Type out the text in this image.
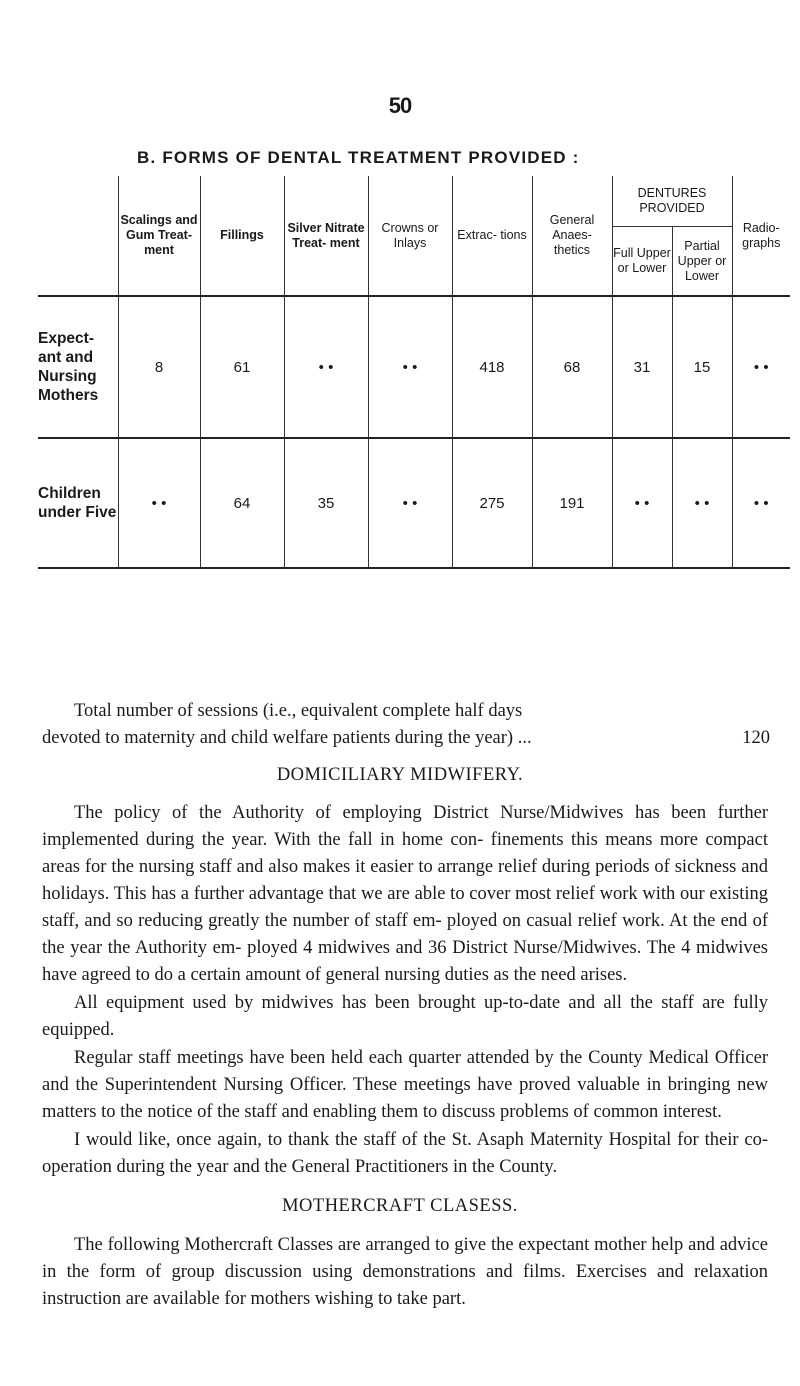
50
B. FORMS OF DENTAL TREATMENT PROVIDED :
	Scalings and Gum Treat- ment	Fillings	Silver Nitrate Treat- ment	Crowns or Inlays	Extrac- tions	General Anaes- thetics	DENTURES PROVIDED		Radio- graphs
							Full Upper or Lower	Partial Upper or Lower	
Expect- ant and Nursing Mothers	8	61	• •	• •	418	68	31	15	• •
Children under Five	• •	64	35	• •	275	191	• •	• •	• •
Total number of sessions (i.e., equivalent complete half days
devoted to maternity and child welfare patients during the year) ...	120
DOMICILIARY MIDWIFERY.

The policy of the Authority of employing District Nurse/Midwives has been further implemented during the year. With the fall in home con- finements this means more compact areas for the nursing staff and also makes it easier to arrange relief during periods of sickness and holidays. This has a further advantage that we are able to cover most relief work with our existing staff, and so reducing greatly the number of staff em- ployed on casual relief work. At the end of the year the Authority em- ployed 4 midwives and 36 District Nurse/Midwives. The 4 midwives have agreed to do a certain amount of general nursing duties as the need arises.

All equipment used by midwives has been brought up-to-date and all the staff are fully equipped.

Regular staff meetings have been held each quarter attended by the County Medical Officer and the Superintendent Nursing Officer. These meetings have proved valuable in bringing new matters to the notice of the staff and enabling them to discuss problems of common interest.

I would like, once again, to thank the staff of the St. Asaph Maternity Hospital for their co-operation during the year and the General Practitioners in the County.

MOTHERCRAFT CLASESS.

The following Mothercraft Classes are arranged to give the expectant mother help and advice in the form of group discussion using demonstrations and films. Exercises and relaxation instruction are available for mothers wishing to take part.
